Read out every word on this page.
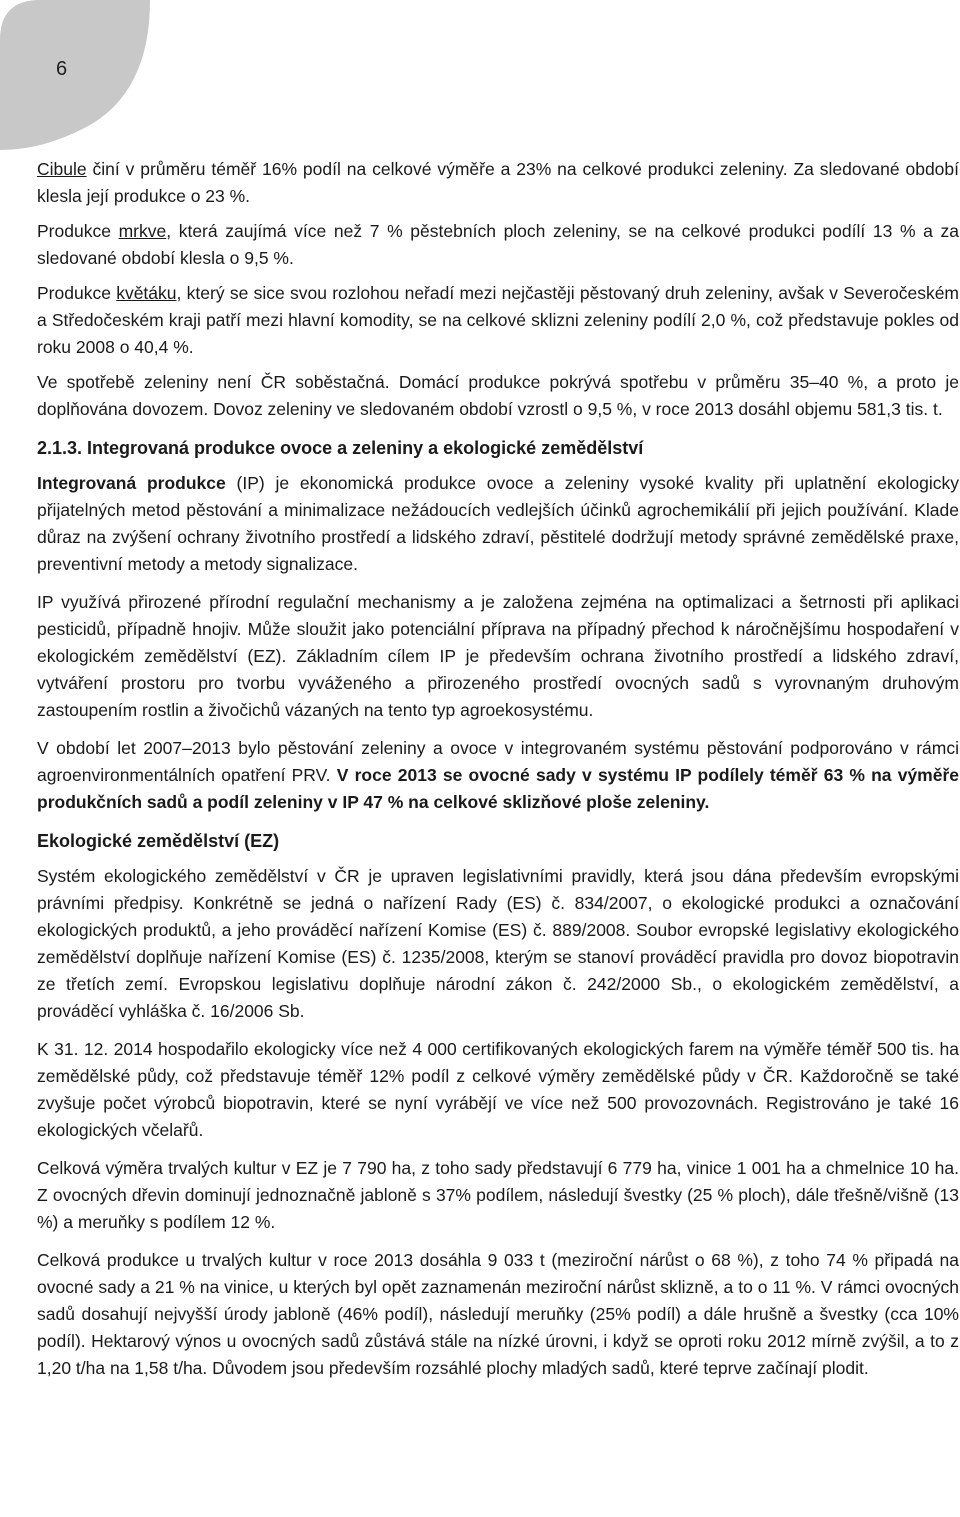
6

Cibule činí v průměru téměř 16% podíl na celkové výměře a 23% na celkové produkci zeleniny. Za sledované období klesla její produkce o 23 %.

Produkce mrkve, která zaujímá více než 7 % pěstebních ploch zeleniny, se na celkové produkci podílí 13 % a za sledované období klesla o 9,5 %.

Produkce květáku, který se sice svou rozlohou neřadí mezi nejčastěji pěstovaný druh zeleniny, avšak v Severočeském a Středočeském kraji patří mezi hlavní komodity, se na celkové sklizni zeleniny podílí 2,0 %, což představuje pokles od roku 2008 o 40,4 %.

Ve spotřebě zeleniny není ČR soběstačná. Domácí produkce pokrývá spotřebu v průměru 35–40 %, a proto je doplňována dovozem. Dovoz zeleniny ve sledovaném období vzrostl o 9,5 %, v roce 2013 dosáhl objemu 581,3 tis. t.

2.1.3. Integrovaná produkce ovoce a zeleniny a ekologické zemědělství

Integrovaná produkce (IP) je ekonomická produkce ovoce a zeleniny vysoké kvality při uplatnění ekologicky přijatelných metod pěstování a minimalizace nežádoucích vedlejších účinků agrochemikálií při jejich používání. Klade důraz na zvýšení ochrany životního prostředí a lidského zdraví, pěstitelé dodržují metody správné zemědělské praxe, preventivní metody a metody signalizace.

IP využívá přirozené přírodní regulační mechanismy a je založena zejména na optimalizaci a šetrnosti při aplikaci pesticidů, případně hnojiv. Může sloužit jako potenciální příprava na případný přechod k náročnějšímu hospodaření v ekologickém zemědělství (EZ). Základním cílem IP je především ochrana životního prostředí a lidského zdraví, vytváření prostoru pro tvorbu vyváženého a přirozeného prostředí ovocných sadů s vyrovnaným druhovým zastoupením rostlin a živočichů vázaných na tento typ agroekosystému.

V období let 2007–2013 bylo pěstování zeleniny a ovoce v integrovaném systému pěstování podporováno v rámci agroenvironmentálních opatření PRV. V roce 2013 se ovocné sady v systému IP podílely téměř 63 % na výměře produkčních sadů a podíl zeleniny v IP 47 % na celkové sklizňové ploše zeleniny.

Ekologické zemědělství (EZ)

Systém ekologického zemědělství v ČR je upraven legislativními pravidly, která jsou dána především evropskými právními předpisy. Konkrétně se jedná o nařízení Rady (ES) č. 834/2007, o ekologické produkci a označování ekologických produktů, a jeho prováděcí nařízení Komise (ES) č. 889/2008. Soubor evropské legislativy ekologického zemědělství doplňuje nařízení Komise (ES) č. 1235/2008, kterým se stanoví prováděcí pravidla pro dovoz biopotravin ze třetích zemí. Evropskou legislativu doplňuje národní zákon č. 242/2000 Sb., o ekologickém zemědělství, a prováděcí vyhláška č. 16/2006 Sb.

K 31. 12. 2014 hospodařilo ekologicky více než 4 000 certifikovaných ekologických farem na výměře téměř 500 tis. ha zemědělské půdy, což představuje téměř 12% podíl z celkové výměry zemědělské půdy v ČR. Každoročně se také zvyšuje počet výrobců biopotravin, které se nyní vyrábějí ve více než 500 provozovnách. Registrováno je také 16 ekologických včelařů.

Celková výměra trvalých kultur v EZ je 7 790 ha, z toho sady představují 6 779 ha, vinice 1 001 ha a chmelnice 10 ha. Z ovocných dřevin dominují jednoznačně jabloně s 37% podílem, následují švestky (25 % ploch), dále třešně/višně (13 %) a meruňky s podílem 12 %.

Celková produkce u trvalých kultur v roce 2013 dosáhla 9 033 t (meziroční nárůst o 68 %), z toho 74 % připadá na ovocné sady a 21 % na vinice, u kterých byl opět zaznamenán meziroční nárůst sklizně, a to o 11 %. V rámci ovocných sadů dosahují nejvyšší úrody jabloně (46% podíl), následují meruňky (25% podíl) a dále hrušně a švestky (cca 10% podíl). Hektarový výnos u ovocných sadů zůstává stále na nízké úrovni, i když se oproti roku 2012 mírně zvýšil, a to z 1,20 t/ha na 1,58 t/ha. Důvodem jsou především rozsáhlé plochy mladých sadů, které teprve začínají plodit.
